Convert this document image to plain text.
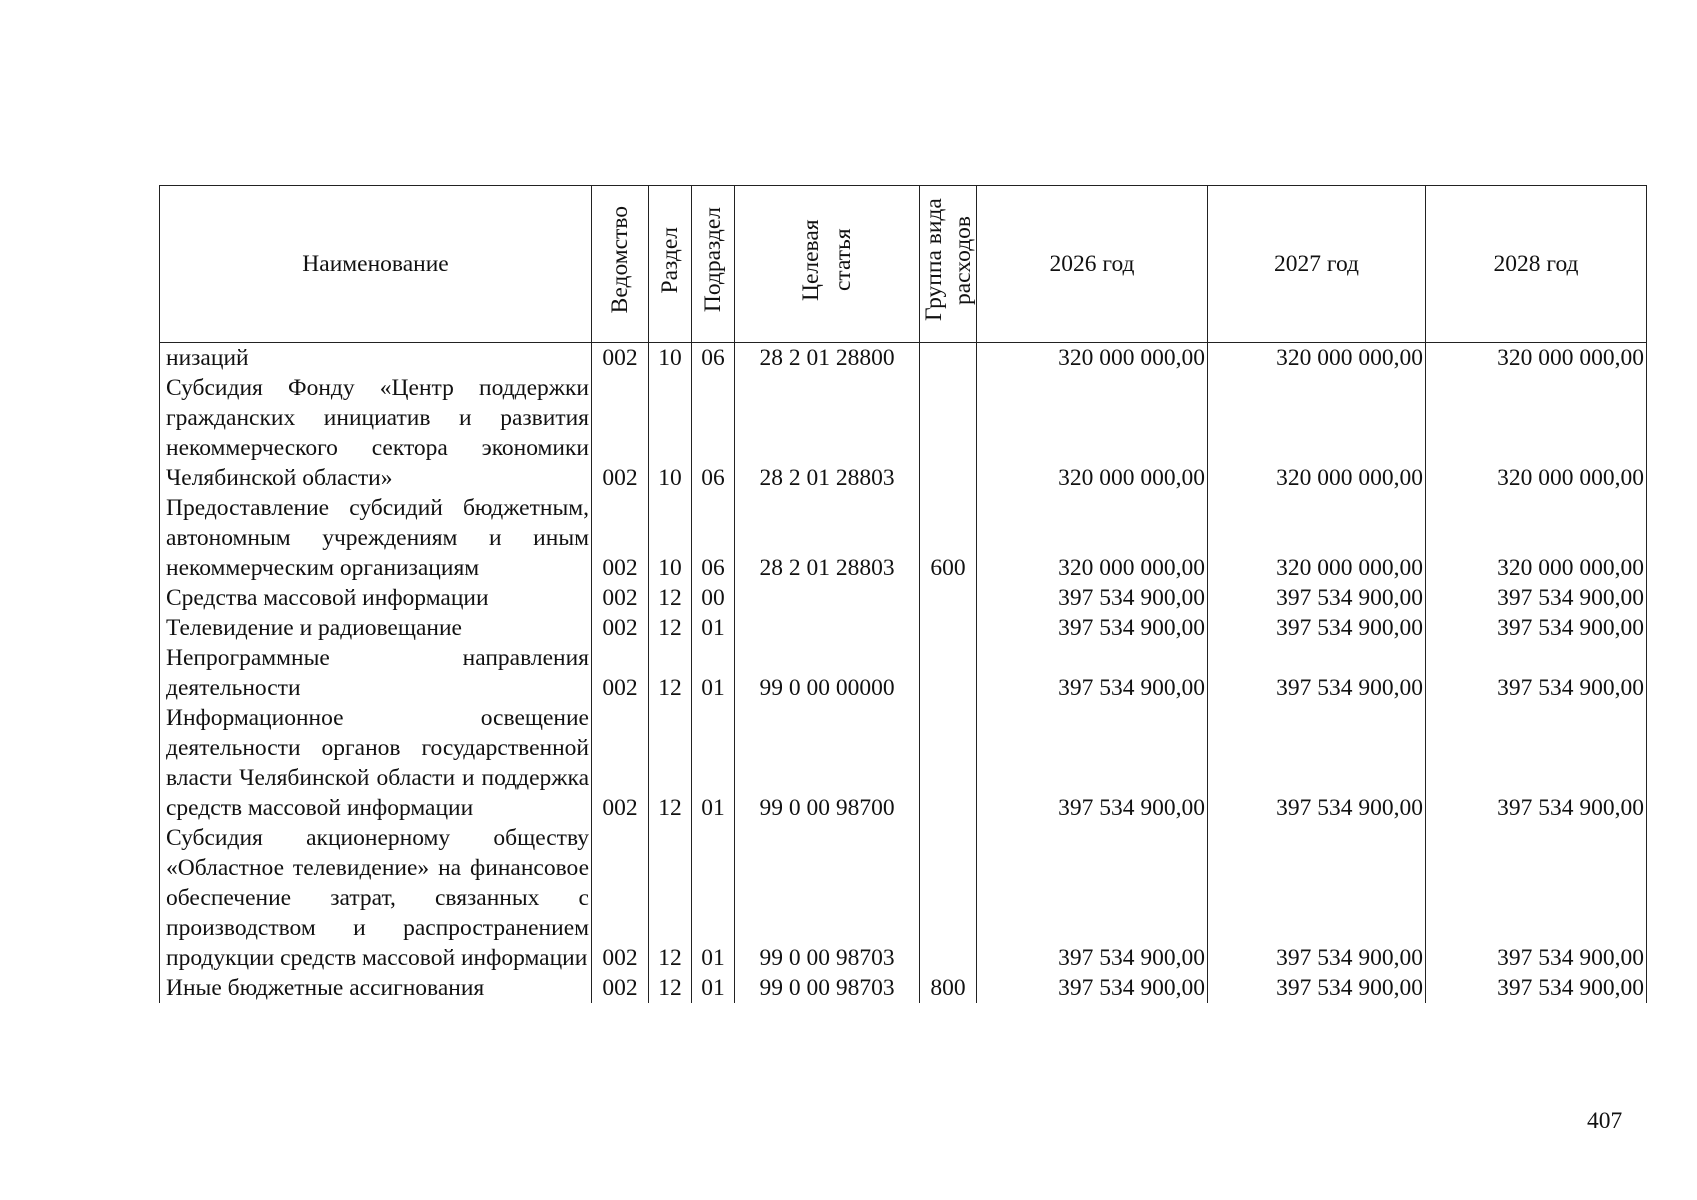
Наименование	Ведомство	Раздел	Подраздел	Целевая статья	Группа вида расходов	2026 год	2027 год	2028 год
низаций	002	10	06	28 2 01 28800		320 000 000,00	320 000 000,00	320 000 000,00
Субсидия Фонду «Центр поддержки гражданских инициатив и развития некоммерческого сектора экономики Челябинской области»	002	10	06	28 2 01 28803		320 000 000,00	320 000 000,00	320 000 000,00
Предоставление субсидий бюджетным, автономным учреждениям и иным некоммерческим организациям	002	10	06	28 2 01 28803	600	320 000 000,00	320 000 000,00	320 000 000,00
Средства массовой информации	002	12	00			397 534 900,00	397 534 900,00	397 534 900,00
Телевидение и радиовещание	002	12	01			397 534 900,00	397 534 900,00	397 534 900,00
Непрограммные направления деятельности	002	12	01	99 0 00 00000		397 534 900,00	397 534 900,00	397 534 900,00
Информационное освещение деятельности органов государственной власти Челябинской области и поддержка средств массовой информации	002	12	01	99 0 00 98700		397 534 900,00	397 534 900,00	397 534 900,00
Субсидия акционерному обществу «Областное телевидение» на финансовое обеспечение затрат, связанных с производством и распространением продукции средств массовой информации	002	12	01	99 0 00 98703		397 534 900,00	397 534 900,00	397 534 900,00
Иные бюджетные ассигнования	002	12	01	99 0 00 98703	800	397 534 900,00	397 534 900,00	397 534 900,00
407
